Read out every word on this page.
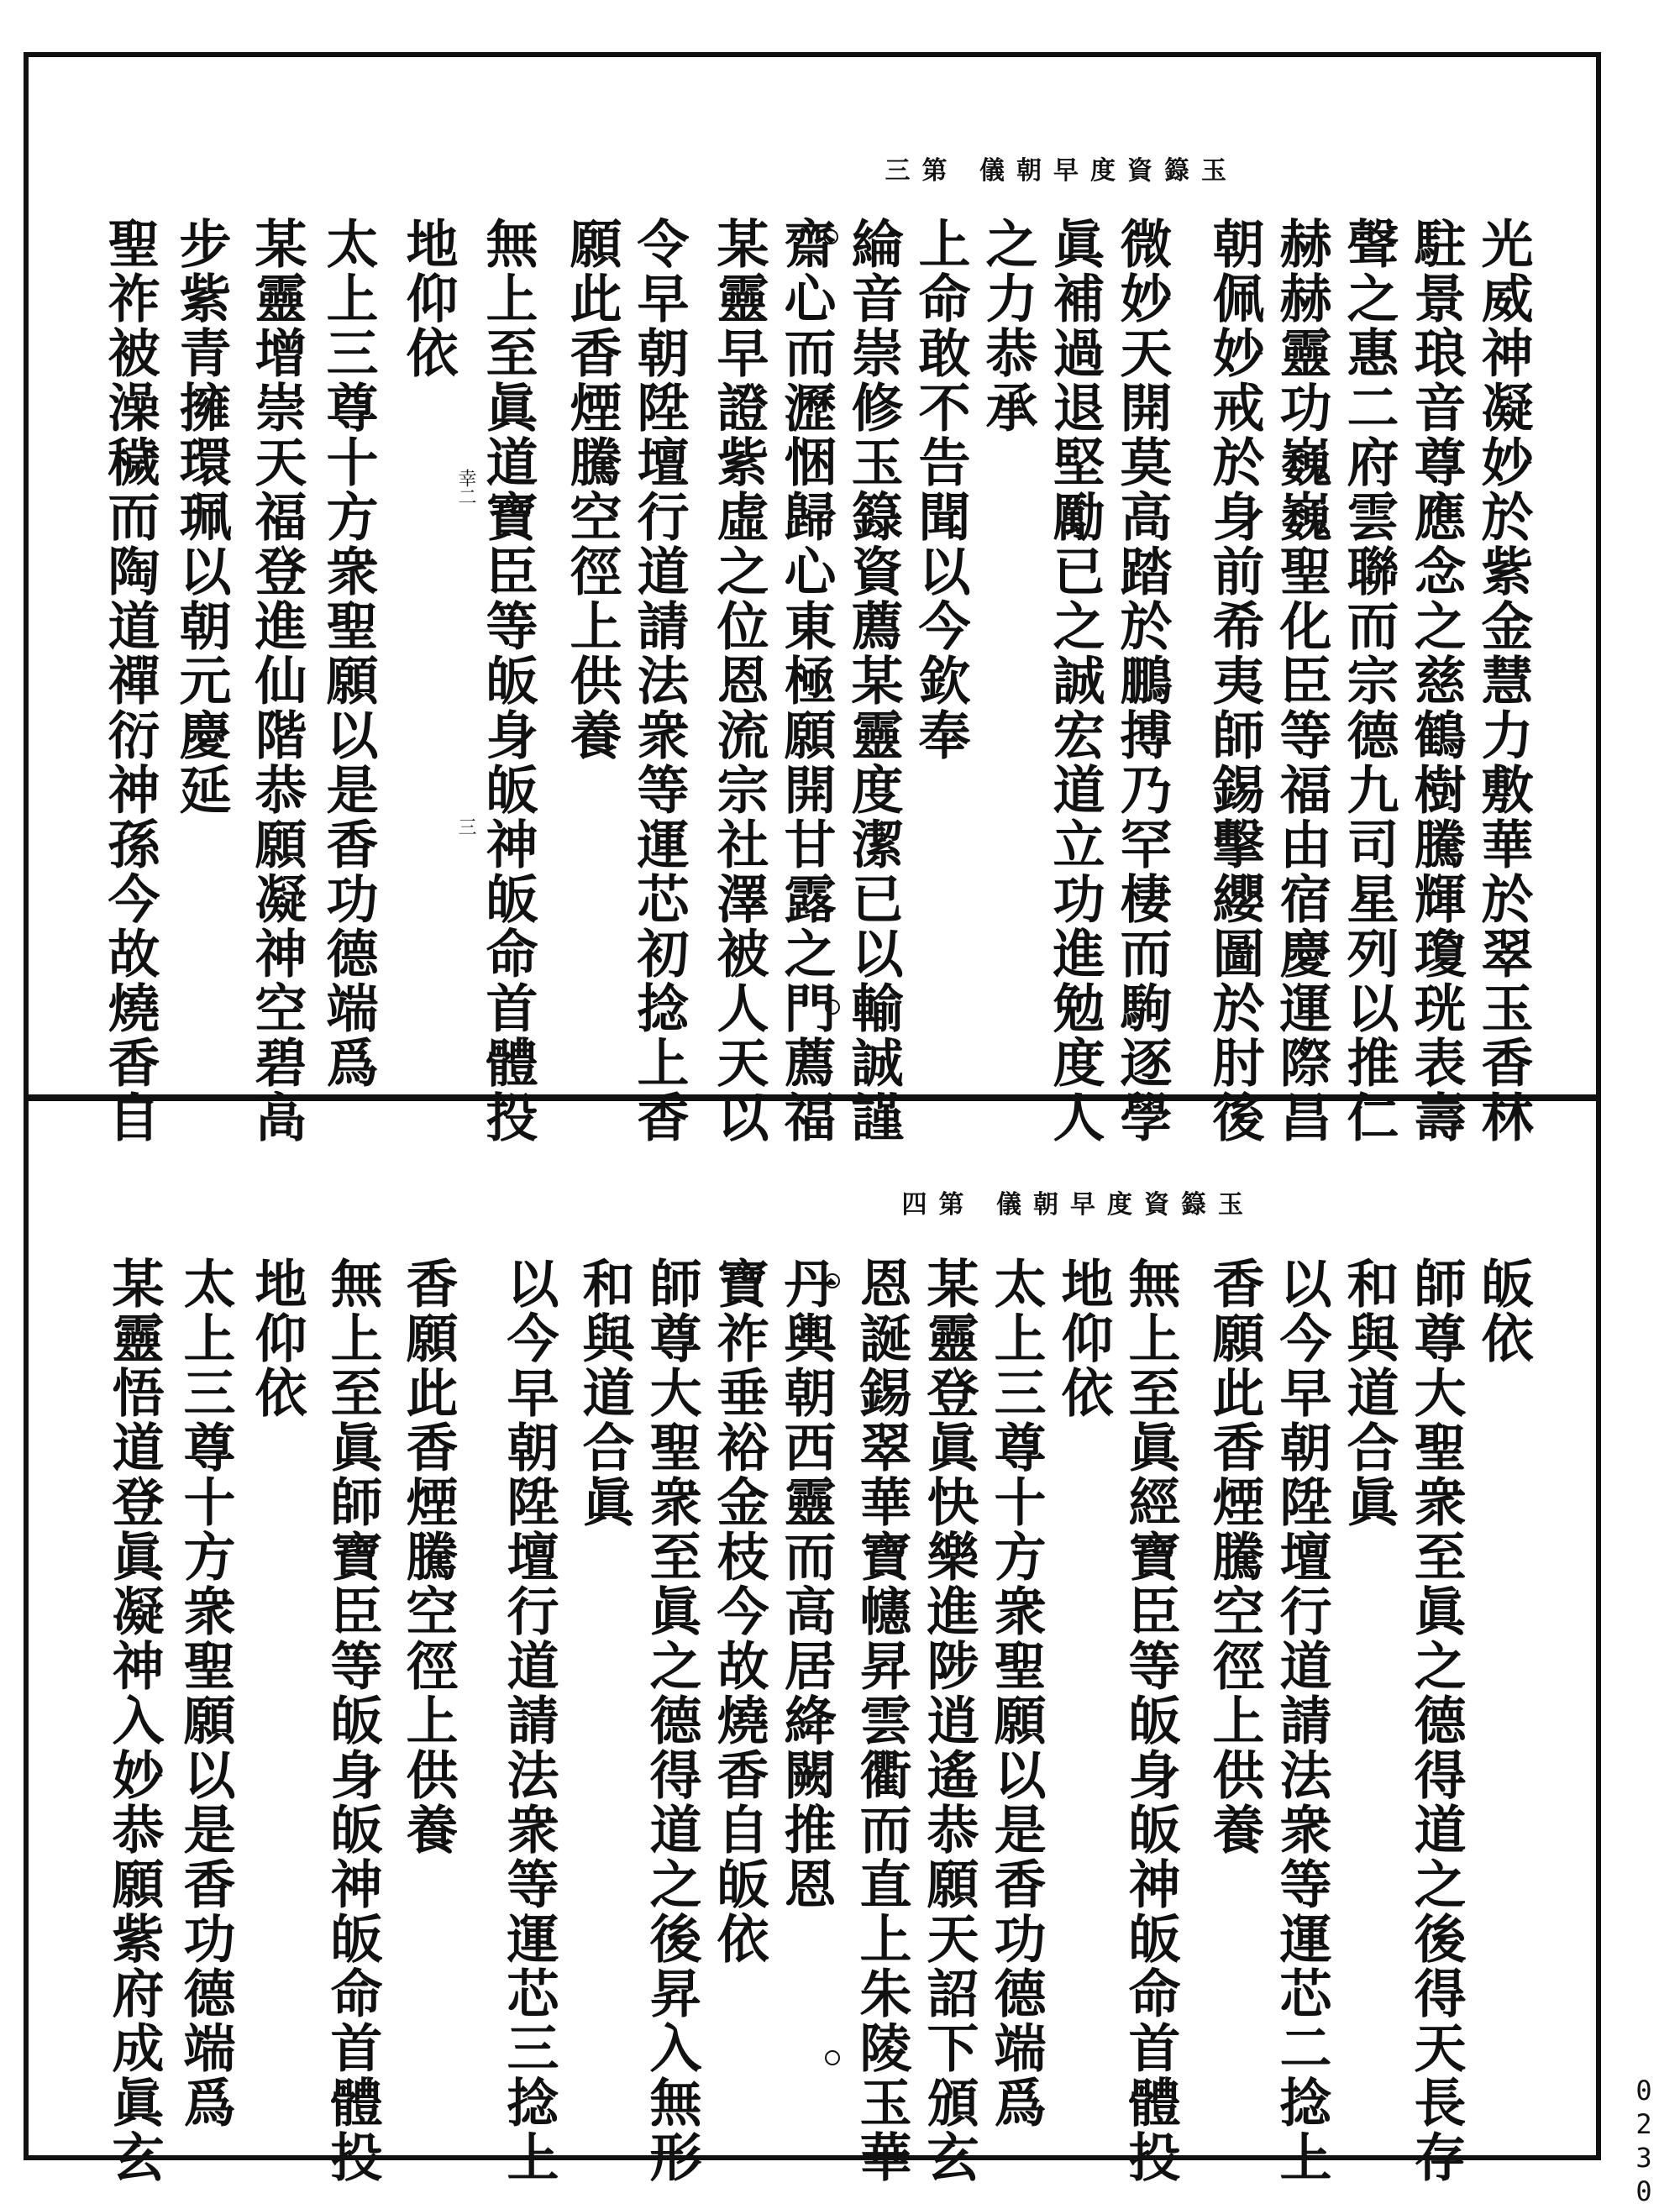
玉籙資度早朝儀 第三
光威神凝妙於紫金慧力敷華於翠玉香林
駐景琅音尊應念之慈鶴樹騰輝瓊珖表壽
聲之惠二府雲聯而宗德九司星列以推仁
赫赫靈功巍巍聖化臣等福由宿慶運際昌
朝佩妙戒於身前希夷師錫擊纓圖於肘後
微妙天開莫高踏於鵬搏乃罕棲而駒逐學
眞補過退堅勵已之誠宏道立功進勉度人
之力恭承
上命敢不告聞以今欽奉
綸音崇修玉籙資薦某靈度潔已以輸誠謹
齋心而瀝悃歸心東極願開甘露之門薦福
某靈早證紫虛之位恩流宗社澤被人天以
令早朝陞壇行道請法衆等運芯初捻上香
願此香煙騰空徑上供養
無上至眞道寶臣等皈身皈神皈命首體投
地仰依
太上三尊十方衆聖願以是香功德端爲
某靈增崇天福登進仙階恭願凝神空碧高
步紫青擁環珮以朝元慶延
聖祚被澡穢而陶道禪衍神孫今故燒香自	幸二
三
玉籙資度早朝儀 第四
皈依
師尊大聖衆至眞之德得道之後得天長存
和與道合眞
以今早朝陞壇行道請法衆等運芯二捻上
香願此香煙騰空徑上供養
無上至眞經寶臣等皈身皈神皈命首體投
地仰依
太上三尊十方衆聖願以是香功德端爲
某靈登眞快樂進陟逍遙恭願天詔下頒玄
恩誕錫翠華寶幰昇雲衢而直上朱陵玉華
丹輿朝西靈而高居絳闕推恩
寶祚垂裕金枝今故燒香自皈依
師尊大聖衆至眞之德得道之後昇入無形
和與道合眞
以今早朝陞壇行道請法衆等運芯三捻上
香願此香煙騰空徑上供養
無上至眞師寶臣等皈身皈神皈命首體投
地仰依
太上三尊十方衆聖願以是香功德端爲
某靈悟道登眞凝神入妙恭願紫府成眞玄	0230
